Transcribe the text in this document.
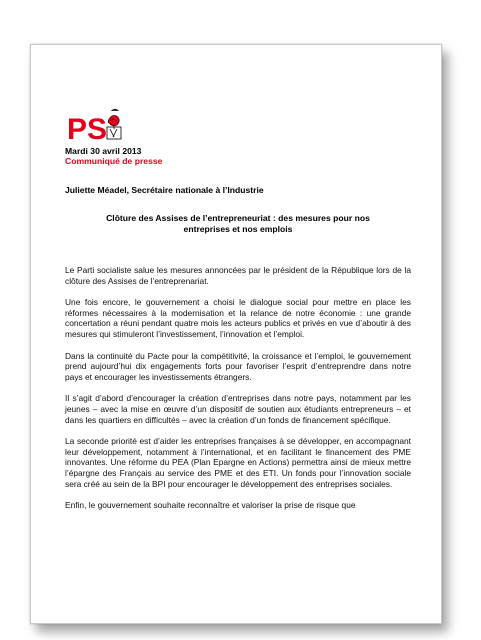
PS

Mardi 30 avril 2013

Communiqué de presse

Juliette Méadel, Secrétaire nationale à l’Industrie

Clôture des Assises de l’entrepreneuriat : des mesures pour nos
entreprises et nos emplois

Le Parti socialiste salue les mesures annoncées par le président de la République lors de la clôture des Assises de l’entreprenariat.

Une fois encore, le gouvernement a choisi le dialogue social pour mettre en place les réformes nécessaires à la modernisation et la relance de notre économie : une grande concertation a réuni pendant quatre mois les acteurs publics et privés en vue d’aboutir à des mesures qui stimuleront l’investissement, l’innovation et l’emploi.

Dans la continuité du Pacte pour la compétitivité, la croissance et l’emploi, le gouvernement prend aujourd’hui dix engagements forts pour favoriser l’esprit d’entreprendre dans notre pays et encourager les investissements étrangers.

Il s’agit d’abord d’encourager la création d’entreprises dans notre pays, notamment par les jeunes – avec la mise en œuvre d’un dispositif de soutien aux étudiants entrepreneurs – et dans les quartiers en difficultés – avec la création d’un fonds de financement spécifique.

La seconde priorité est d’aider les entreprises françaises à se développer, en accompagnant leur développement, notamment à l’international, et en facilitant le financement des PME innovantes. Une réforme du PEA (Plan Epargne en Actions) permettra ainsi de mieux mettre l’épargne des Français au service des PME et des ETI. Un fonds pour l’innovation sociale sera créé au sein de la BPI pour encourager le développement des entreprises sociales.

Enfin, le gouvernement souhaite reconnaître et valoriser la prise de risque que
